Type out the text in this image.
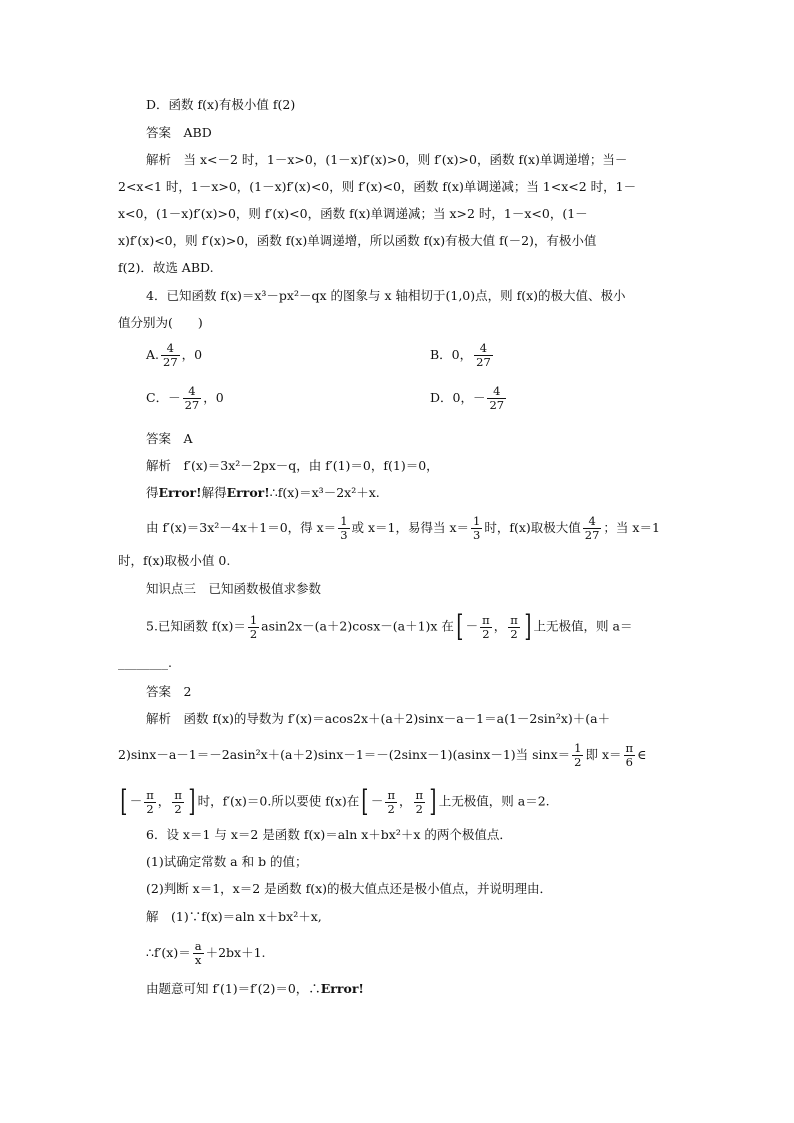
D．函数 f(x)有极小值 f(2)
答案　ABD
解析　当 x<－2 时，1－x>0，(1－x)f′(x)>0，则 f′(x)>0，函数 f(x)单调递增；当－
2<x<1 时，1－x>0，(1－x)f′(x)<0，则 f′(x)<0，函数 f(x)单调递减；当 1<x<2 时，1－
x<0，(1－x)f′(x)>0，则 f′(x)<0，函数 f(x)单调递减；当 x>2 时，1－x<0，(1－
x)f′(x)<0，则 f′(x)>0，函数 f(x)单调递增，所以函数 f(x)有极大值 f(－2)，有极小值
f(2)．故选 ABD.
4．已知函数 f(x)＝x³－px²－qx 的图象与 x 轴相切于(1,0)点，则 f(x)的极大值、极小
值分别为(　　)
A. $\frac{4}{27}$ ，0	B．0， $\frac{4}{27}$
C．－ $\frac{4}{27}$ ，0	D．0，－ $\frac{4}{27}$
答案　A
解析　f′(x)＝3x²－2px－q，由 f′(1)＝0，f(1)＝0，
得Error!解得Error!∴f(x)＝x³－2x²＋x.
由 f′(x)＝3x²－4x＋1＝0，得 $x= \frac{1}{3}$ 或 x＝1，易得当 $x= \frac{1}{3}$ 时，f(x)取极大值 $\frac{4}{27}$ ；当 x＝1
时，f(x)取极小值 0.
知识点三　已知函数极值求参数
5.已知函数 $f(x)= \frac{1}{2} asin2x-(a+2)\cos x-(a+1)x$ 在[ － $\frac{\pi}{2}$ ， $\frac{\pi}{2}$ ] 上无极值，则 a＝
________.
答案　2
解析　函数 f(x)的导数为 f′(x)＝acos2x＋(a＋2)sinx－a－1＝a(1－2sin²x)＋(a＋
2)sinx－a－1＝－2asin²x＋(a＋2)sinx－1＝－(2sinx－1)(asinx－1)当 $\sin x= \frac{1}{2}$ 即 $x= \frac{\pi}{6}$ ∈
[ － $\frac{\pi}{2}$ ， $\frac{\pi}{2}$ ] 时，f′(x)＝0.所以要使 f(x)在[ － $\frac{\pi}{2}$ ， $\frac{\pi}{2}$ ] 上无极值，则 a＝2.
6．设 x＝1 与 x＝2 是函数 f(x)＝aln x＋bx²＋x 的两个极值点．
(1)试确定常数 a 和 b 的值；
(2)判断 x＝1，x＝2 是函数 f(x)的极大值点还是极小值点，并说明理由．
解　(1)∵f(x)＝aln x＋bx²＋x,
∴f′(x)＝ $\frac{a}{x} +2bx+1$.
由题意可知 f′(1)＝f′(2)＝0，∴Error!
